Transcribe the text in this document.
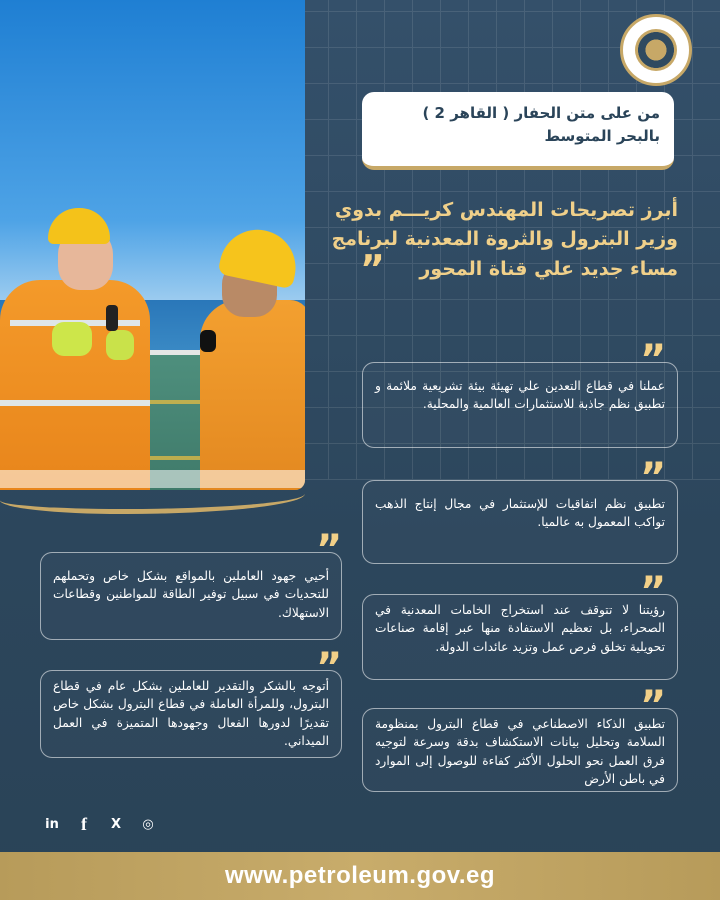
من على متن الحفار ( القاهر 2 ) بالبحر المتوسط
أبرز تصريحات المهندس كريـــم بدوي وزير البترول والثروة المعدنية لبرنامج مساء جديد علي قناة المحور
”
”
عملنا في قطاع التعدين علي تهيئة بيئة تشريعية ملائمة و تطبيق نظم جاذبة للاستثمارات العالمية والمحلية.
”
تطبيق نظم اتفاقيات للإستثمار في مجال إنتاج الذهب تواكب المعمول به عالميا.
”
أحيي جهود العاملين بالمواقع بشكل خاص وتحملهم للتحديات في سبيل توفير الطاقة للمواطنين وقطاعات الاستهلاك.	”
رؤيتنا لا تتوقف عند استخراج الخامات المعدنية في الصحراء، بل تعظيم الاستفادة منها عبر إقامة صناعات تحويلية تخلق فرص عمل وتزيد عائدات الدولة.
”
أتوجه بالشكر والتقدير للعاملين بشكل عام في قطاع البترول، وللمرأة العاملة في قطاع البترول بشكل خاص تقديرًا لدورها الفعال وجهودها المتميزة في العمل الميداني.
”
تطبيق الذكاء الاصطناعي في قطاع البترول بمنظومة السلامة وتحليل بيانات الاستكشاف بدقة وسرعة لتوجيه فرق العمل نحو الحلول الأكثر كفاءة للوصول إلى الموارد في باطن الأرض
in f	X ◎
www.petroleum.gov.eg
